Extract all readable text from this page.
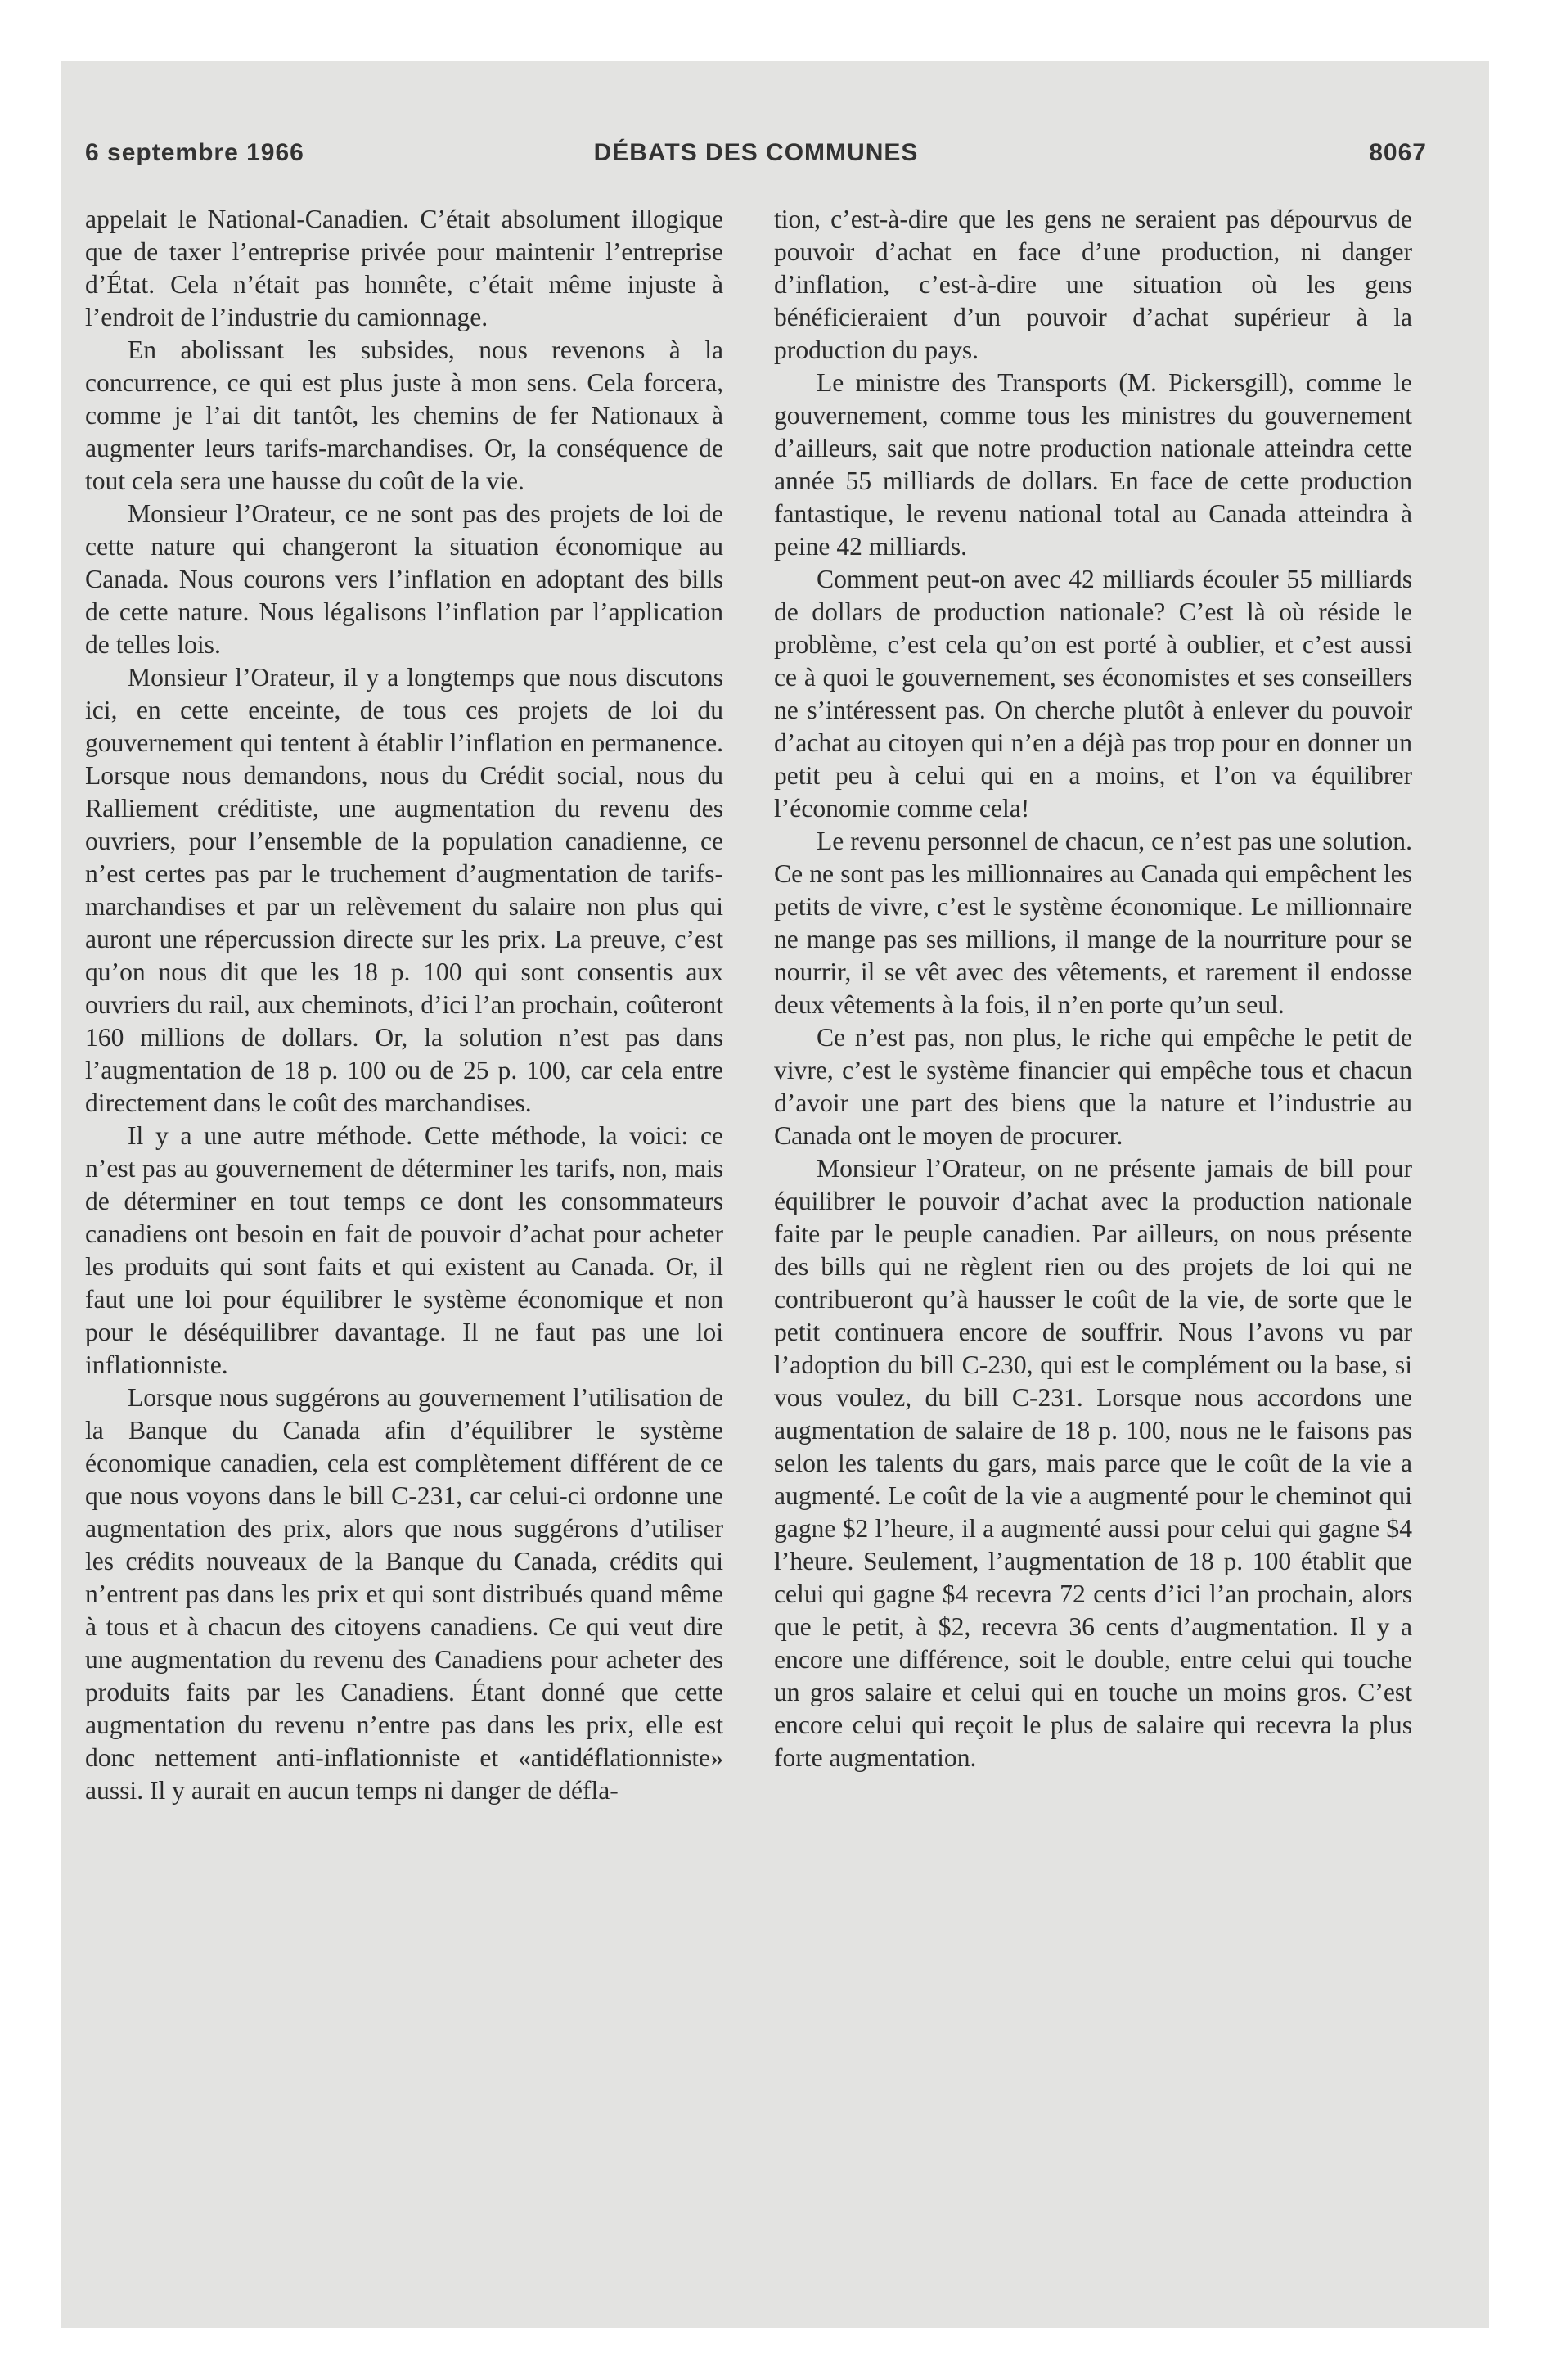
6 septembre 1966	DÉBATS DES COMMUNES	8067

appelait le National-Canadien. C’était absolument illogique que de taxer l’entreprise privée pour maintenir l’entreprise d’État. Cela n’était pas honnête, c’était même injuste à l’endroit de l’industrie du camionnage.

En abolissant les subsides, nous revenons à la concurrence, ce qui est plus juste à mon sens. Cela forcera, comme je l’ai dit tantôt, les chemins de fer Nationaux à augmenter leurs tarifs-marchandises. Or, la conséquence de tout cela sera une hausse du coût de la vie.

Monsieur l’Orateur, ce ne sont pas des projets de loi de cette nature qui changeront la situation économique au Canada. Nous courons vers l’inflation en adoptant des bills de cette nature. Nous légalisons l’inflation par l’application de telles lois.

Monsieur l’Orateur, il y a longtemps que nous discutons ici, en cette enceinte, de tous ces projets de loi du gouvernement qui tentent à établir l’inflation en permanence. Lorsque nous demandons, nous du Crédit social, nous du Ralliement créditiste, une augmentation du revenu des ouvriers, pour l’ensemble de la population canadienne, ce n’est certes pas par le truchement d’augmentation de tarifs-marchandises et par un relèvement du salaire non plus qui auront une répercussion directe sur les prix. La preuve, c’est qu’on nous dit que les 18 p. 100 qui sont consentis aux ouvriers du rail, aux cheminots, d’ici l’an prochain, coûteront 160 millions de dollars. Or, la solution n’est pas dans l’augmentation de 18 p. 100 ou de 25 p. 100, car cela entre directement dans le coût des marchandises.

Il y a une autre méthode. Cette méthode, la voici: ce n’est pas au gouvernement de déterminer les tarifs, non, mais de déterminer en tout temps ce dont les consommateurs canadiens ont besoin en fait de pouvoir d’achat pour acheter les produits qui sont faits et qui existent au Canada. Or, il faut une loi pour équilibrer le système économique et non pour le déséquilibrer davantage. Il ne faut pas une loi inflationniste.

Lorsque nous suggérons au gouvernement l’utilisation de la Banque du Canada afin d’équilibrer le système économique canadien, cela est complètement différent de ce que nous voyons dans le bill C-231, car celui-ci ordonne une augmentation des prix, alors que nous suggérons d’utiliser les crédits nouveaux de la Banque du Canada, crédits qui n’entrent pas dans les prix et qui sont distribués quand même à tous et à chacun des citoyens canadiens. Ce qui veut dire une augmentation du revenu des Canadiens pour acheter des produits faits par les Canadiens. Étant donné que cette augmentation du revenu n’entre pas dans les prix, elle est donc nettement anti-inflationniste et «antidéflationniste» aussi. Il y aurait en aucun temps ni danger de défla-

tion, c’est-à-dire que les gens ne seraient pas dépourvus de pouvoir d’achat en face d’une production, ni danger d’inflation, c’est-à-dire une situation où les gens bénéficieraient d’un pouvoir d’achat supérieur à la production du pays.

Le ministre des Transports (M. Pickersgill), comme le gouvernement, comme tous les ministres du gouvernement d’ailleurs, sait que notre production nationale atteindra cette année 55 milliards de dollars. En face de cette production fantastique, le revenu national total au Canada atteindra à peine 42 milliards.

Comment peut-on avec 42 milliards écouler 55 milliards de dollars de production nationale? C’est là où réside le problème, c’est cela qu’on est porté à oublier, et c’est aussi ce à quoi le gouvernement, ses économistes et ses conseillers ne s’intéressent pas. On cherche plutôt à enlever du pouvoir d’achat au citoyen qui n’en a déjà pas trop pour en donner un petit peu à celui qui en a moins, et l’on va équilibrer l’économie comme cela!

Le revenu personnel de chacun, ce n’est pas une solution. Ce ne sont pas les millionnaires au Canada qui empêchent les petits de vivre, c’est le système économique. Le millionnaire ne mange pas ses millions, il mange de la nourriture pour se nourrir, il se vêt avec des vêtements, et rarement il endosse deux vêtements à la fois, il n’en porte qu’un seul.

Ce n’est pas, non plus, le riche qui empêche le petit de vivre, c’est le système financier qui empêche tous et chacun d’avoir une part des biens que la nature et l’industrie au Canada ont le moyen de procurer.

Monsieur l’Orateur, on ne présente jamais de bill pour équilibrer le pouvoir d’achat avec la production nationale faite par le peuple canadien. Par ailleurs, on nous présente des bills qui ne règlent rien ou des projets de loi qui ne contribueront qu’à hausser le coût de la vie, de sorte que le petit continuera encore de souffrir. Nous l’avons vu par l’adoption du bill C-230, qui est le complément ou la base, si vous voulez, du bill C-231. Lorsque nous accordons une augmentation de salaire de 18 p. 100, nous ne le faisons pas selon les talents du gars, mais parce que le coût de la vie a augmenté. Le coût de la vie a augmenté pour le cheminot qui gagne $2 l’heure, il a augmenté aussi pour celui qui gagne $4 l’heure. Seulement, l’augmentation de 18 p. 100 établit que celui qui gagne $4 recevra 72 cents d’ici l’an prochain, alors que le petit, à $2, recevra 36 cents d’augmentation. Il y a encore une différence, soit le double, entre celui qui touche un gros salaire et celui qui en touche un moins gros. C’est encore celui qui reçoit le plus de salaire qui recevra la plus forte augmentation.
